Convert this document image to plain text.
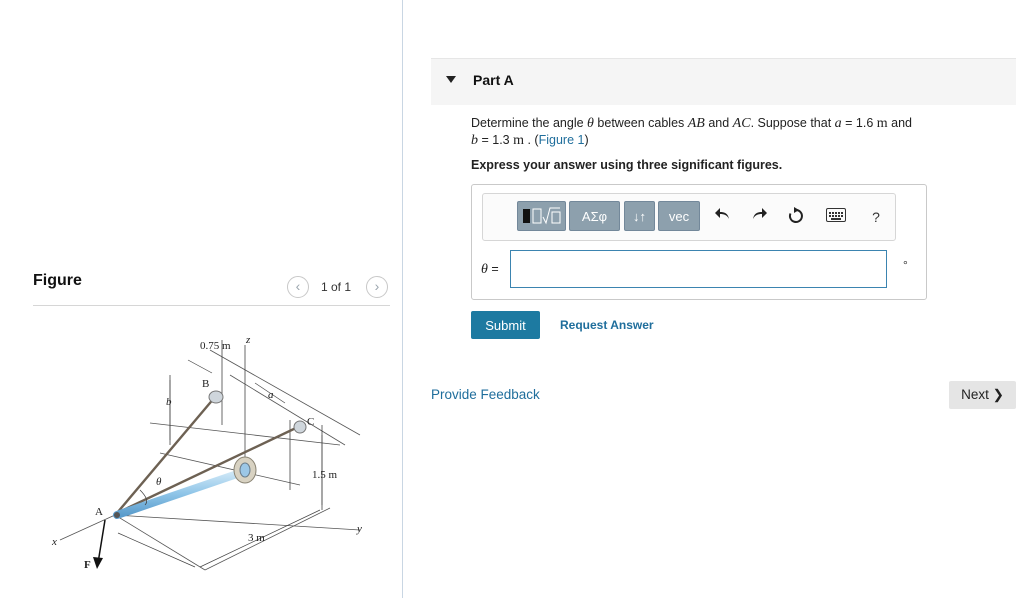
Figure	‹	1 of 1	›
0.75 m z
B
b
a
C
θ
1.5 m
A
x	3 m
y
F
Part A
Determine the angle θ between cables AB and AC. Suppose that a = 1.6 m and
b = 1.3 m . (Figure 1)
Express your answer using three significant figures.
ΑΣφ	↓↑	vec	?
θ =	°
Submit	Request Answer
Provide Feedback	Next ❯
